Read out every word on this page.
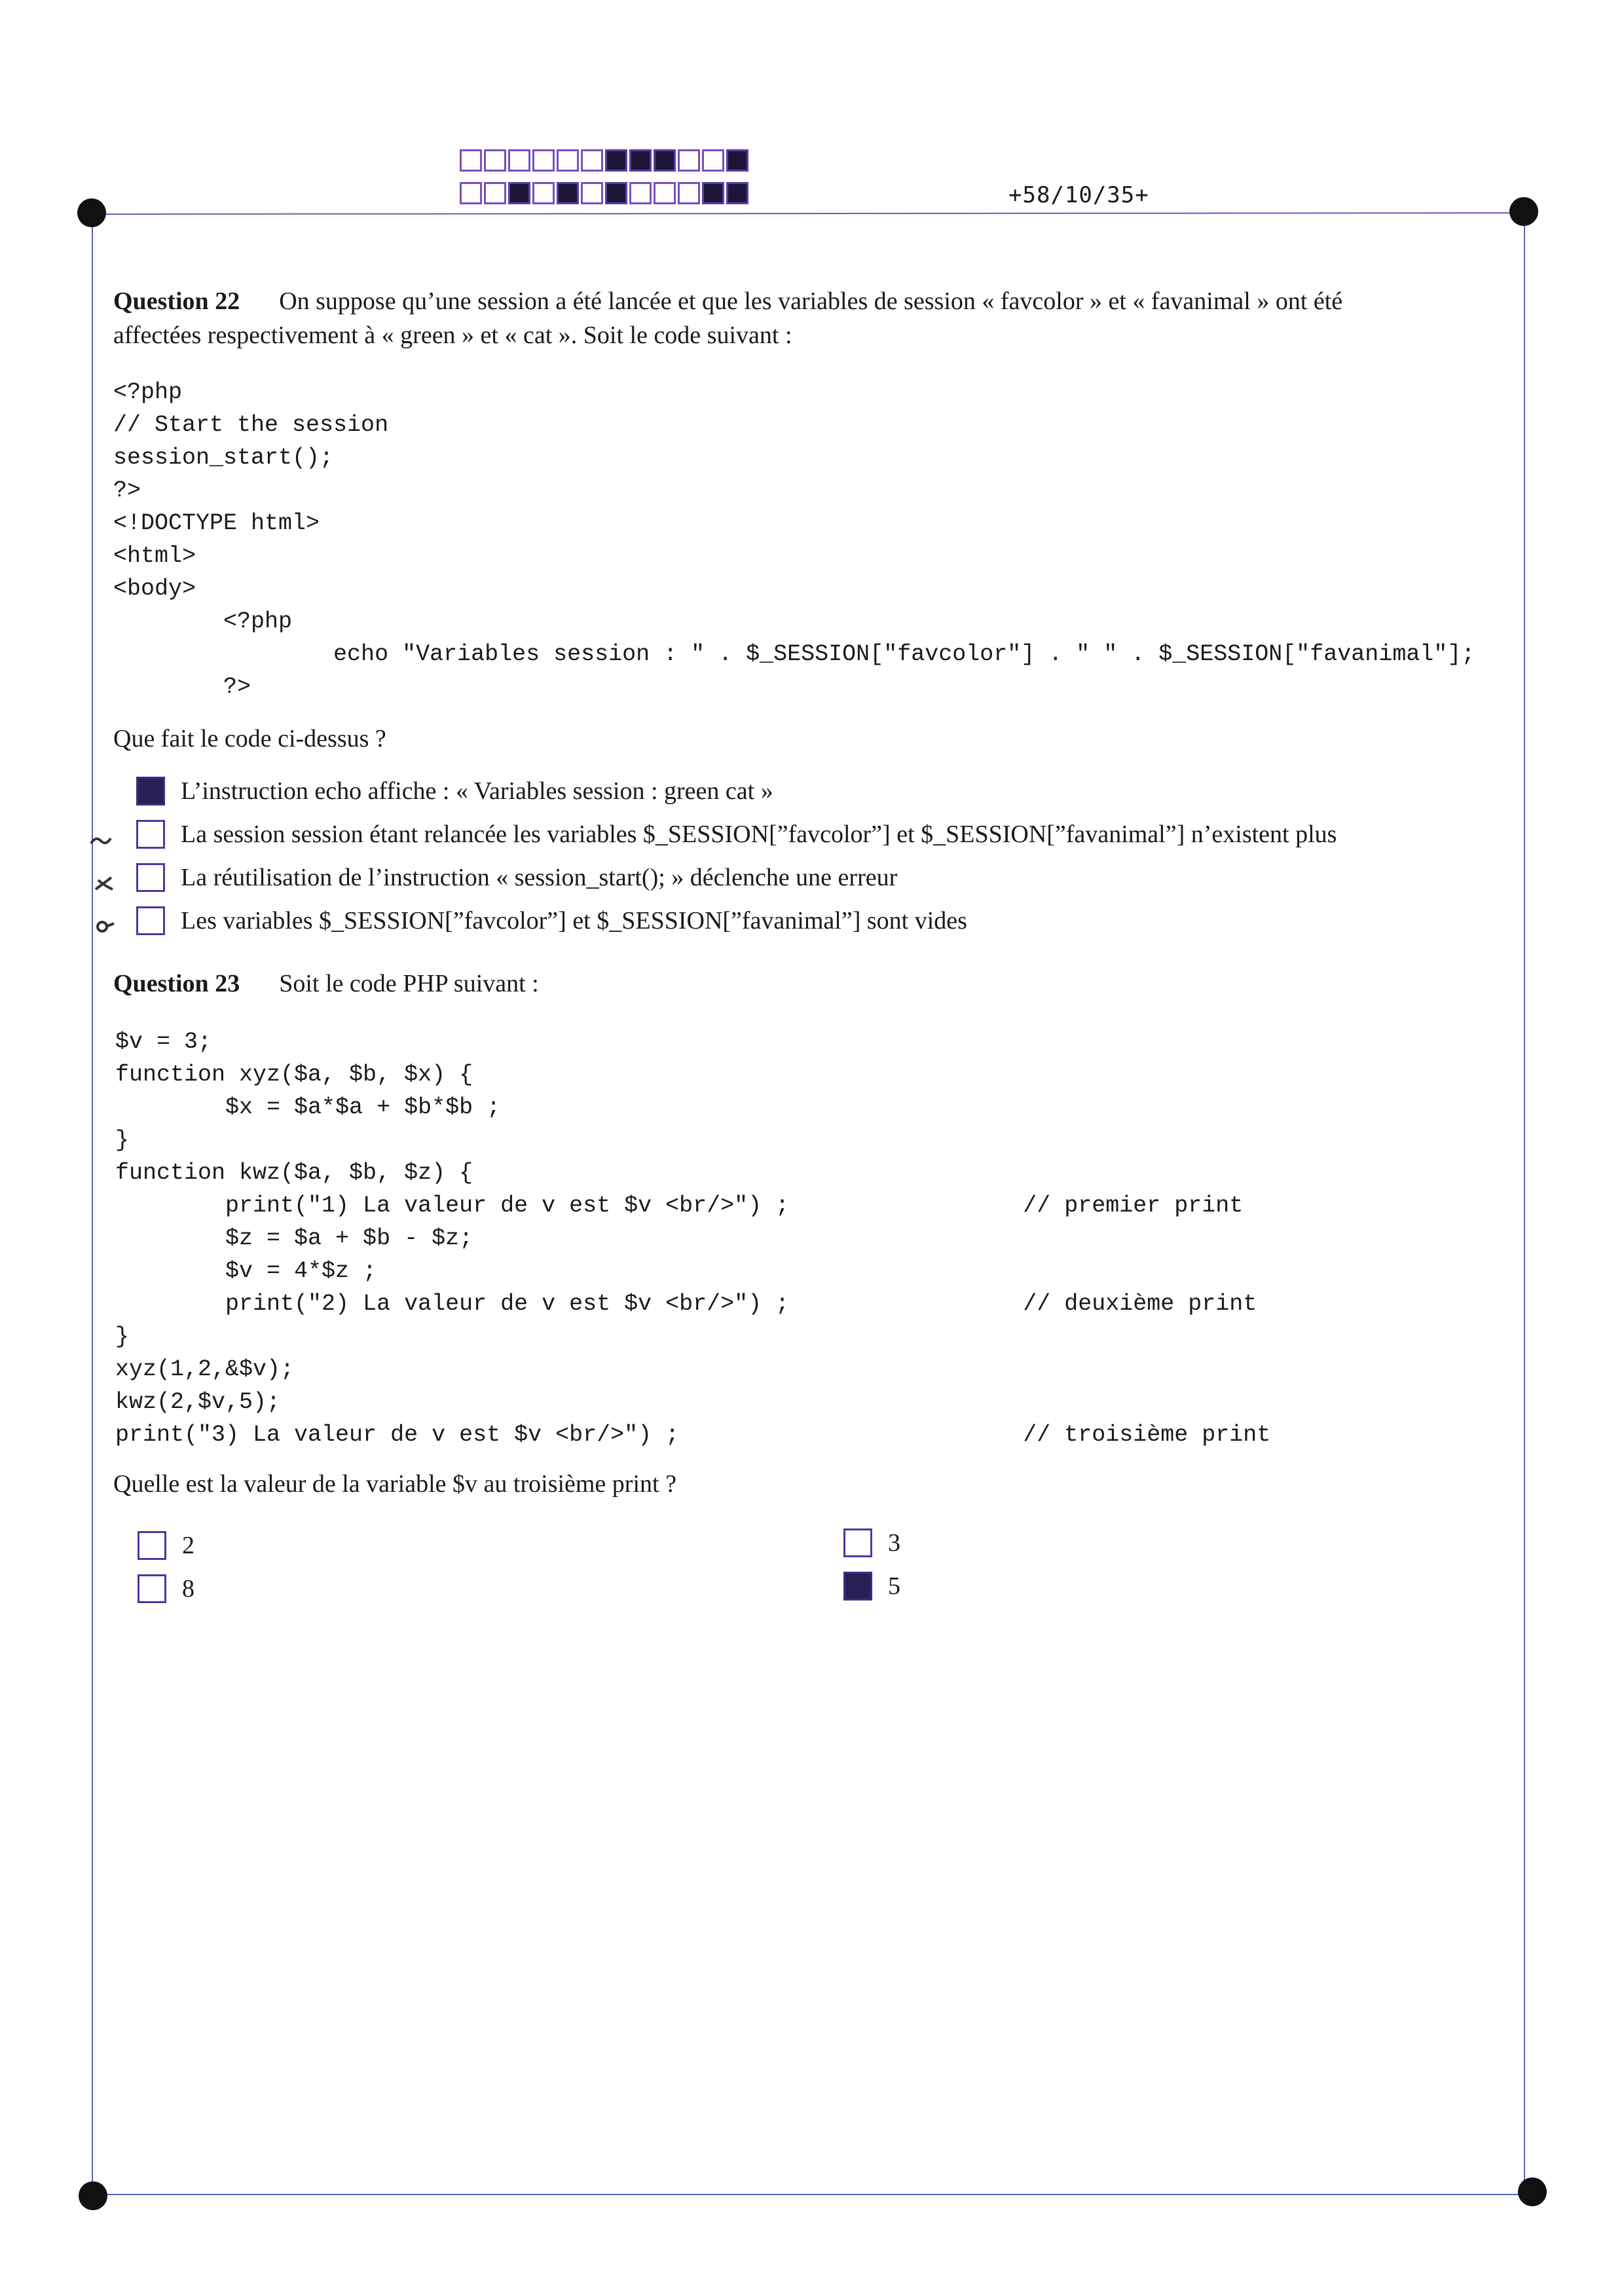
+58/10/35+
Question 22 On suppose qu’une session a été lancée et que les variables de session « favcolor » et « favanimal » ont été
affectées respectivement à « green » et « cat ». Soit le code suivant :
<?php
// Start the session
session_start();
?>
<!DOCTYPE html>
<html>
<body>
<?php
echo "Variables session : " . $_SESSION["favcolor"] . " " . $_SESSION["favanimal"];
?>
Que fait le code ci-dessus ?
L’instruction echo affiche : « Variables session : green cat »
La session session étant relancée les variables $_SESSION[”favcolor”] et $_SESSION[”favanimal”] n’existent plus
La réutilisation de l’instruction « session_start(); » déclenche une erreur
Les variables $_SESSION[”favcolor”] et $_SESSION[”favanimal”] sont vides
Question 23 Soit le code PHP suivant :
$v = 3;
function xyz($a, $b, $x) {
$x = $a*$a + $b*$b ;
}
function kwz($a, $b, $z) {
print("1) La valeur de v est $v <br/>") ;                 // premier print
$z = $a + $b - $z;
$v = 4*$z ;
print("2) La valeur de v est $v <br/>") ;                 // deuxième print
}
xyz(1,2,&$v);
kwz(2,$v,5);
print("3) La valeur de v est $v <br/>") ;                         // troisième print
Quelle est la valeur de la variable $v au troisième print ?
2
8
3
5
